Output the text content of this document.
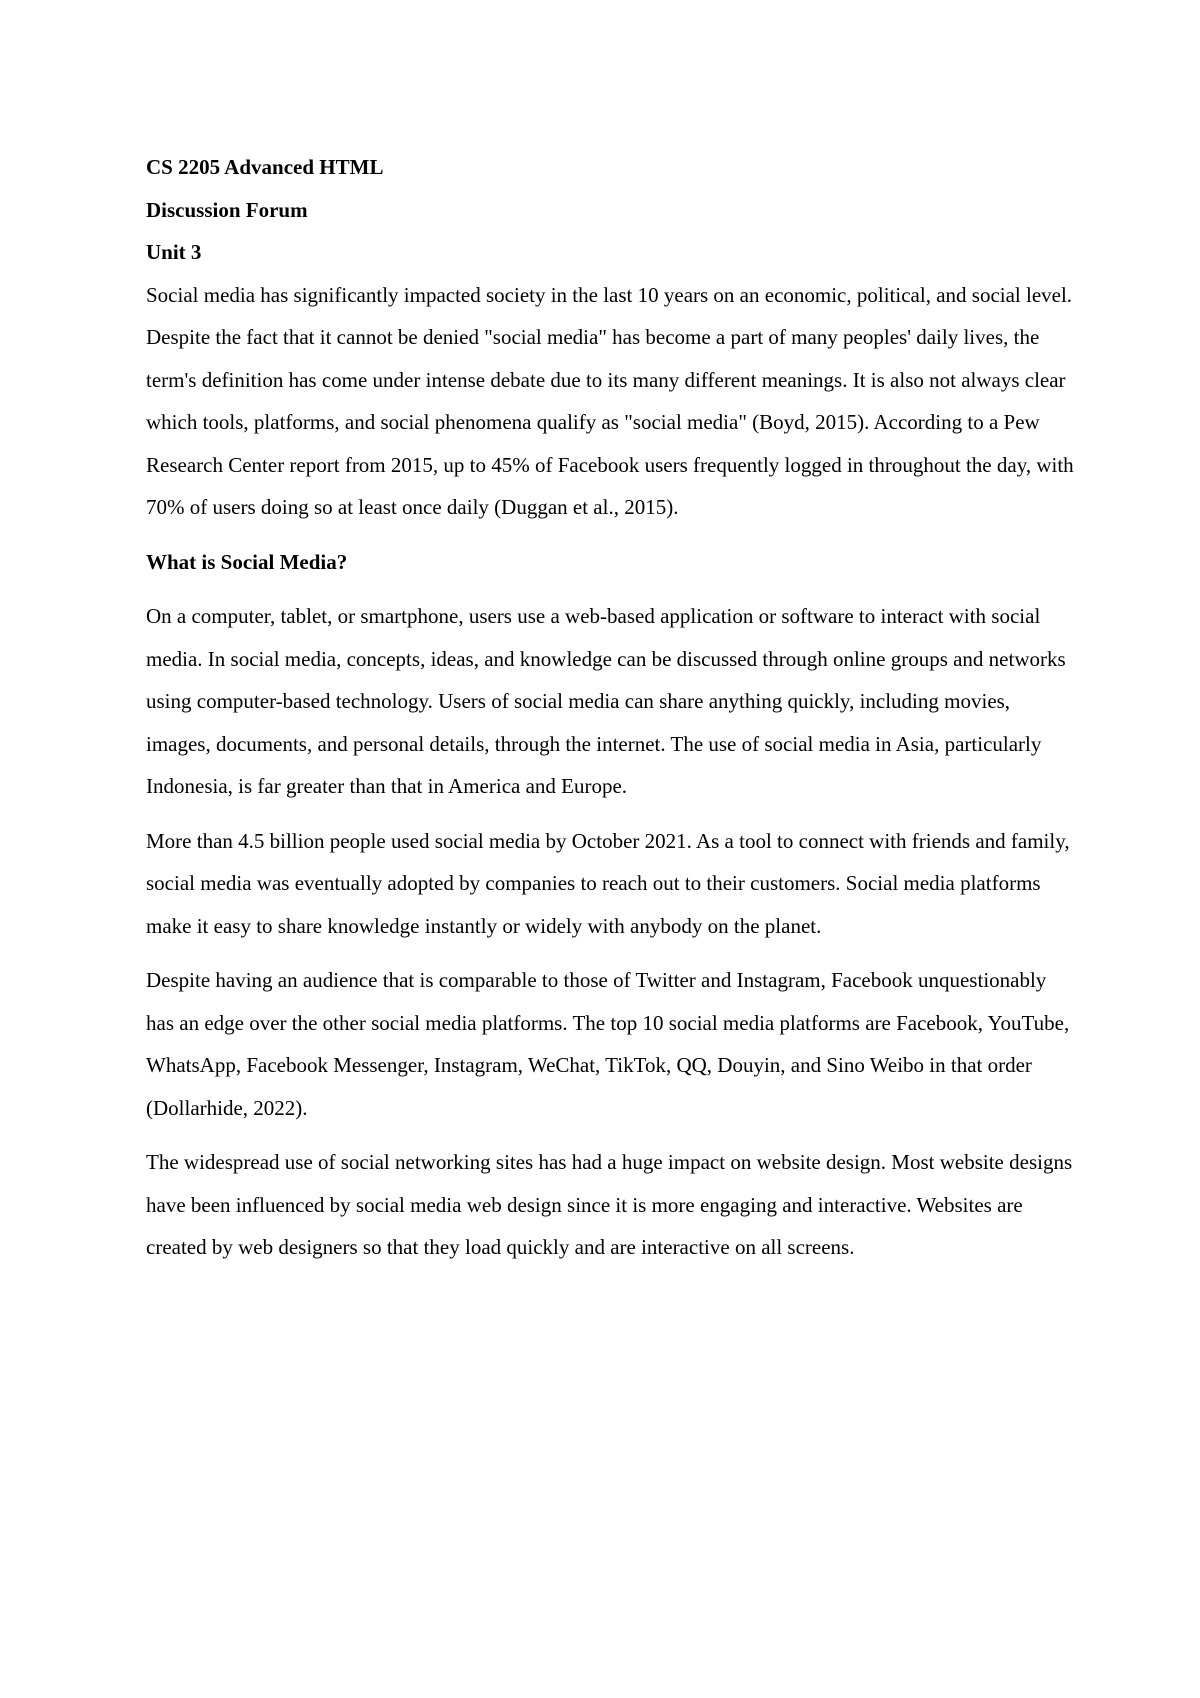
CS 2205 Advanced HTML
Discussion Forum
Unit 3

Social media has significantly impacted society in the last 10 years on an economic, political, and social level. Despite the fact that it cannot be denied "social media" has become a part of many peoples' daily lives, the term's definition has come under intense debate due to its many different meanings. It is also not always clear which tools, platforms, and social phenomena qualify as "social media" (Boyd, 2015). According to a Pew Research Center report from 2015, up to 45% of Facebook users frequently logged in throughout the day, with 70% of users doing so at least once daily (Duggan et al., 2015).

What is Social Media?

On a computer, tablet, or smartphone, users use a web-based application or software to interact with social media. In social media, concepts, ideas, and knowledge can be discussed through online groups and networks using computer-based technology. Users of social media can share anything quickly, including movies, images, documents, and personal details, through the internet. The use of social media in Asia, particularly Indonesia, is far greater than that in America and Europe.

More than 4.5 billion people used social media by October 2021. As a tool to connect with friends and family, social media was eventually adopted by companies to reach out to their customers. Social media platforms make it easy to share knowledge instantly or widely with anybody on the planet.

Despite having an audience that is comparable to those of Twitter and Instagram, Facebook unquestionably has an edge over the other social media platforms. The top 10 social media platforms are Facebook, YouTube, WhatsApp, Facebook Messenger, Instagram, WeChat, TikTok, QQ, Douyin, and Sino Weibo in that order (Dollarhide, 2022).

The widespread use of social networking sites has had a huge impact on website design. Most website designs have been influenced by social media web design since it is more engaging and interactive. Websites are created by web designers so that they load quickly and are interactive on all screens.
